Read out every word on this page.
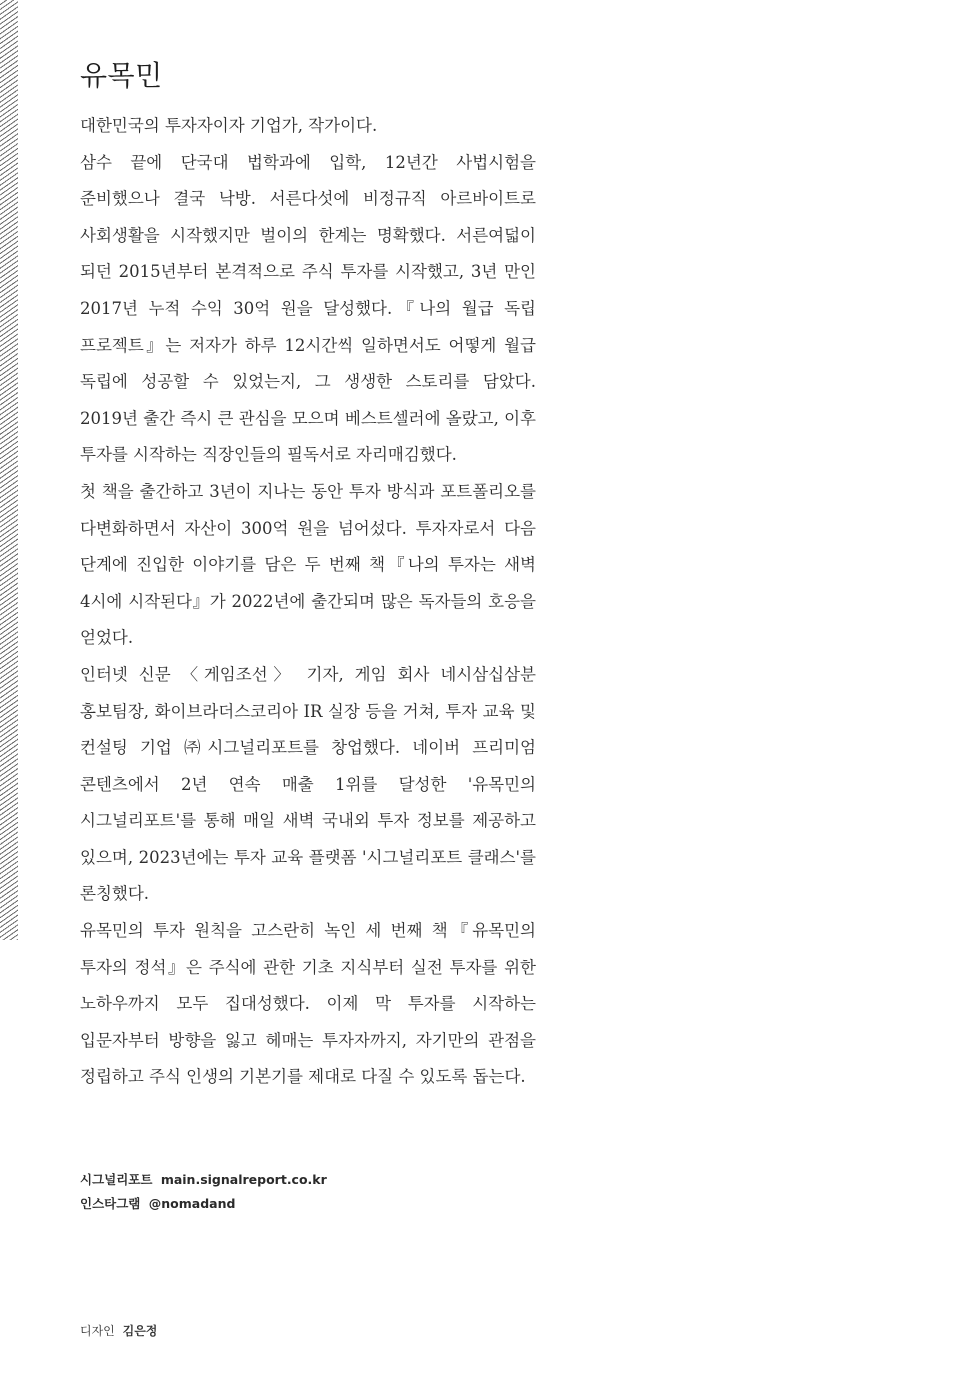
유목민

대한민국의 투자자이자 기업가, 작가이다.

삼수 끝에 단국대 법학과에 입학, 12년간 사법시험을 준비했으나 결국 낙방. 서른다섯에 비정규직 아르바이트로 사회생활을 시작했지만 벌이의 한계는 명확했다. 서른여덟이 되던 2015년부터 본격적으로 주식 투자를 시작했고, 3년 만인 2017년 누적 수익 30억 원을 달성했다.『나의 월급 독립 프로젝트』는 저자가 하루 12시간씩 일하면서도 어떻게 월급 독립에 성공할 수 있었는지, 그 생생한 스토리를 담았다. 2019년 출간 즉시 큰 관심을 모으며 베스트셀러에 올랐고, 이후 투자를 시작하는 직장인들의 필독서로 자리매김했다.

첫 책을 출간하고 3년이 지나는 동안 투자 방식과 포트폴리오를 다변화하면서 자산이 300억 원을 넘어섰다. 투자자로서 다음 단계에 진입한 이야기를 담은 두 번째 책『나의 투자는 새벽 4시에 시작된다』가 2022년에 출간되며 많은 독자들의 호응을 얻었다.

인터넷 신문 〈게임조선〉 기자, 게임 회사 네시삼십삼분 홍보팀장, 화이브라더스코리아 IR 실장 등을 거쳐, 투자 교육 및 컨설팅 기업 ㈜시그널리포트를 창업했다. 네이버 프리미엄 콘텐츠에서 2년 연속 매출 1위를 달성한 '유목민의 시그널리포트'를 통해 매일 새벽 국내외 투자 정보를 제공하고 있으며, 2023년에는 투자 교육 플랫폼 '시그널리포트 클래스'를 론칭했다.

유목민의 투자 원칙을 고스란히 녹인 세 번째 책『유목민의 투자의 정석』은 주식에 관한 기초 지식부터 실전 투자를 위한 노하우까지 모두 집대성했다. 이제 막 투자를 시작하는 입문자부터 방향을 잃고 헤매는 투자자까지, 자기만의 관점을 정립하고 주식 인생의 기본기를 제대로 다질 수 있도록 돕는다.

시그널리포트 main.signalreport.co.kr
인스타그램 @nomadand
디자인 김은정
